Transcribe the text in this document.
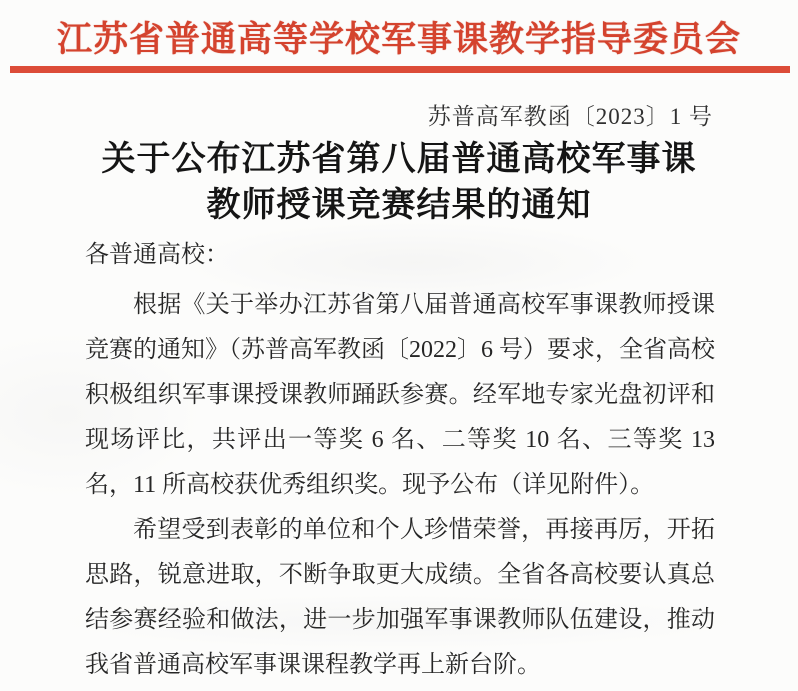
江苏省普通高等学校军事课教学指导委员会
苏普高军教函〔2023〕1 号
关于公布江苏省第八届普通高校军事课
教师授课竞赛结果的通知
各普通高校：

根据《关于举办江苏省第八届普通高校军事课教师授课竞赛的通知》（苏普高军教函〔2022〕6 号）要求，全省高校积极组织军事课授课教师踊跃参赛。经军地专家光盘初评和现场评比，共评出一等奖 6 名、二等奖 10 名、三等奖 13 名，11 所高校获优秀组织奖。现予公布（详见附件）。

希望受到表彰的单位和个人珍惜荣誉，再接再厉，开拓思路，锐意进取，不断争取更大成绩。全省各高校要认真总结参赛经验和做法，进一步加强军事课教师队伍建设，推动我省普通高校军事课课程教学再上新台阶。
